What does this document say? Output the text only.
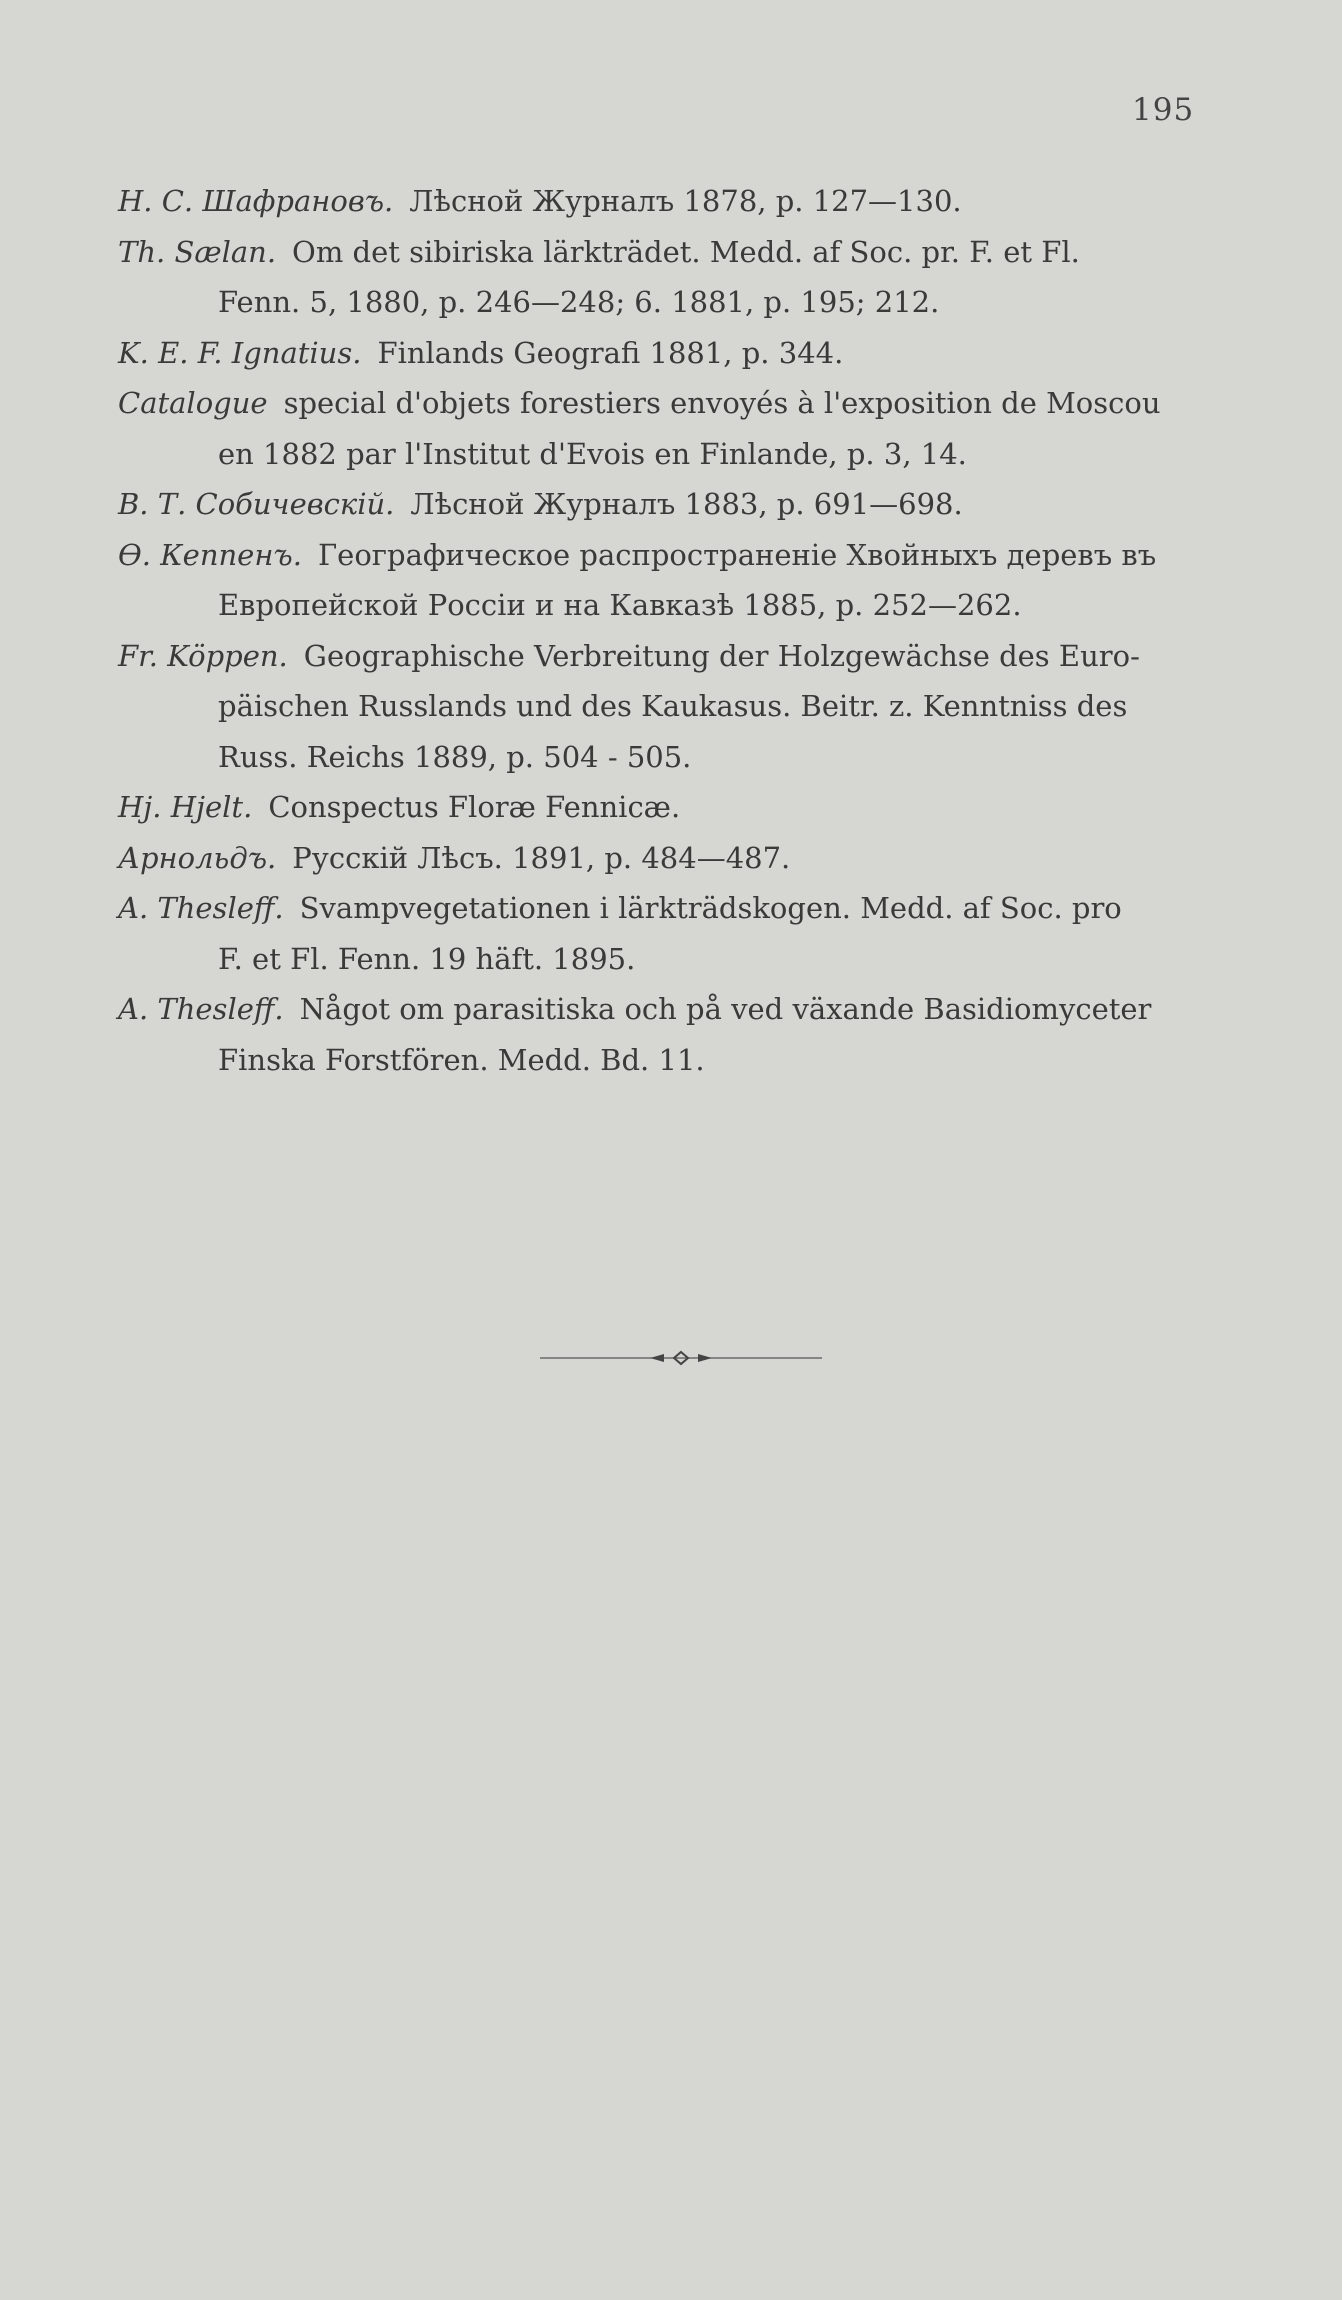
195
Н. С. Шафрановъ. Лѣсной Журналъ 1878, p. 127—130.
Th. Sælan. Om det sibiriska lärkträdet. Medd. af Soc. pr. F. et Fl.
Fenn. 5, 1880, p. 246—248; 6. 1881, p. 195; 212.
K. E. F. Ignatius. Finlands Geografi 1881, p. 344.
Catalogue special d'objets forestiers envoyés à l'exposition de Moscou
en 1882 par l'Institut d'Evois en Finlande, p. 3, 14.
В. Т. Собичевскій. Лѣсной Журналъ 1883, p. 691—698.
Ѳ. Кеппенъ. Географическое распространеніе Хвойныхъ деревъ въ
Европейской Россіи и на Кавказѣ 1885, p. 252—262.
Fr. Köppen. Geographische Verbreitung der Holzgewächse des Euro-
päischen Russlands und des Kaukasus. Beitr. z. Kenntniss des
Russ. Reichs 1889, p. 504 - 505.
Hj. Hjelt. Conspectus Floræ Fennicæ.
Арнольдъ. Русскій Лѣсъ. 1891, p. 484—487.
A. Thesleff. Svampvegetationen i lärkträdskogen. Medd. af Soc. pro
F. et Fl. Fenn. 19 häft. 1895.
A. Thesleff. Något om parasitiska och på ved växande Basidiomyceter
Finska Forstfören. Medd. Bd. 11.
